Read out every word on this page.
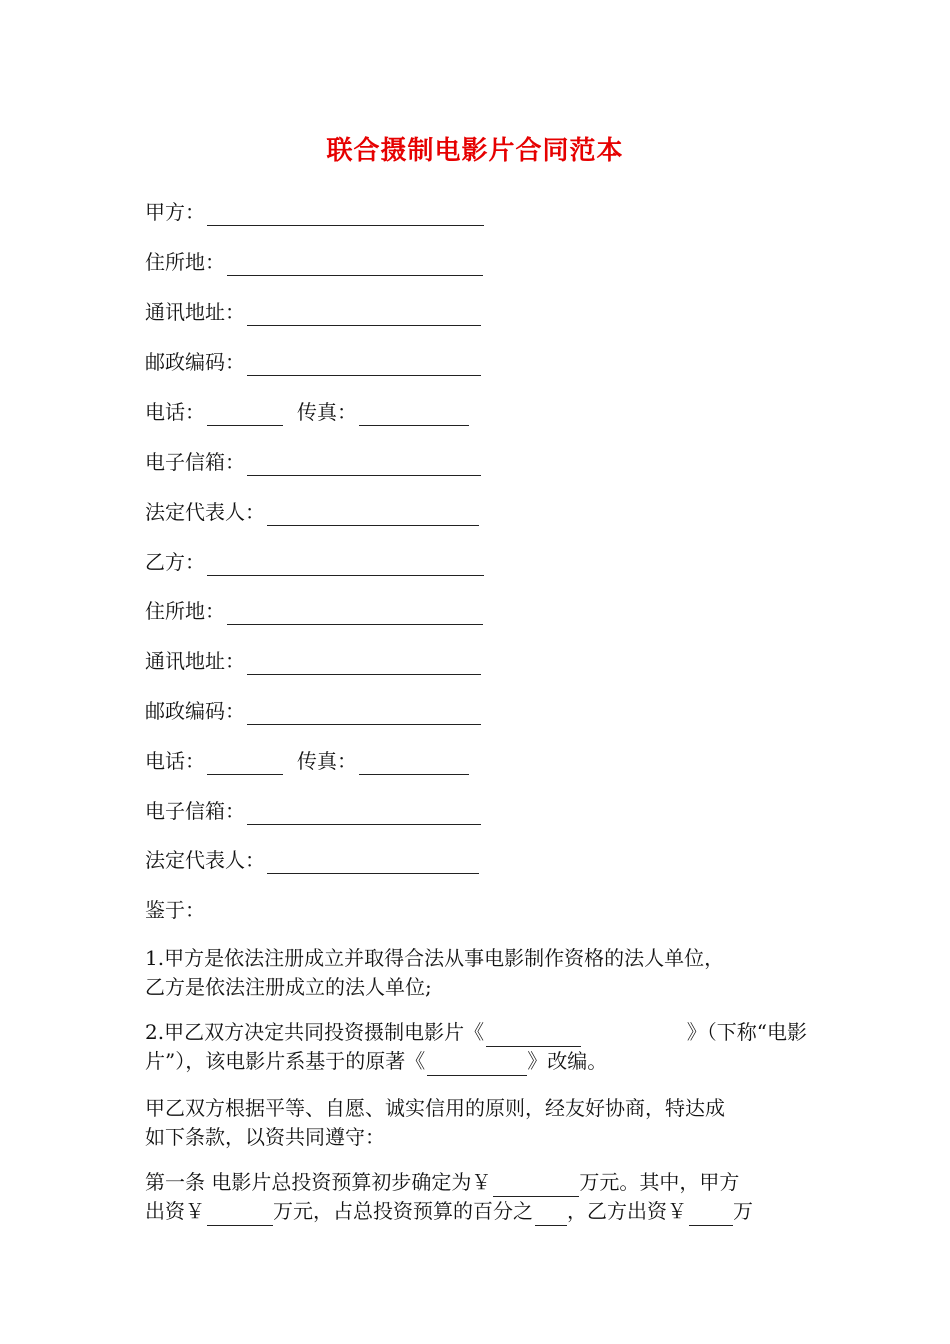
联合摄制电影片合同范本
甲方：
住所地：
通讯地址：
邮政编码：
电话：	传真：
电子信箱：
法定代表人：
乙方：
住所地：
通讯地址：
邮政编码：
电话：	传真：
电子信箱：
法定代表人：
鉴于：
1.甲方是依法注册成立并取得合法从事电影制作资格的法人单位，
乙方是依法注册成立的法人单位;
2.甲乙双方决定共同投资摄制电影片《	》（下称“电影
片”），该电影片系基于的原著《	》改编。
甲乙双方根据平等、自愿、诚实信用的原则，经友好协商，特达成
如下条款，以资共同遵守：
第一条 电影片总投资预算初步确定为￥	万元。其中，甲方
出资￥	万元，占总投资预算的百分之 ，乙方出资￥ 万
